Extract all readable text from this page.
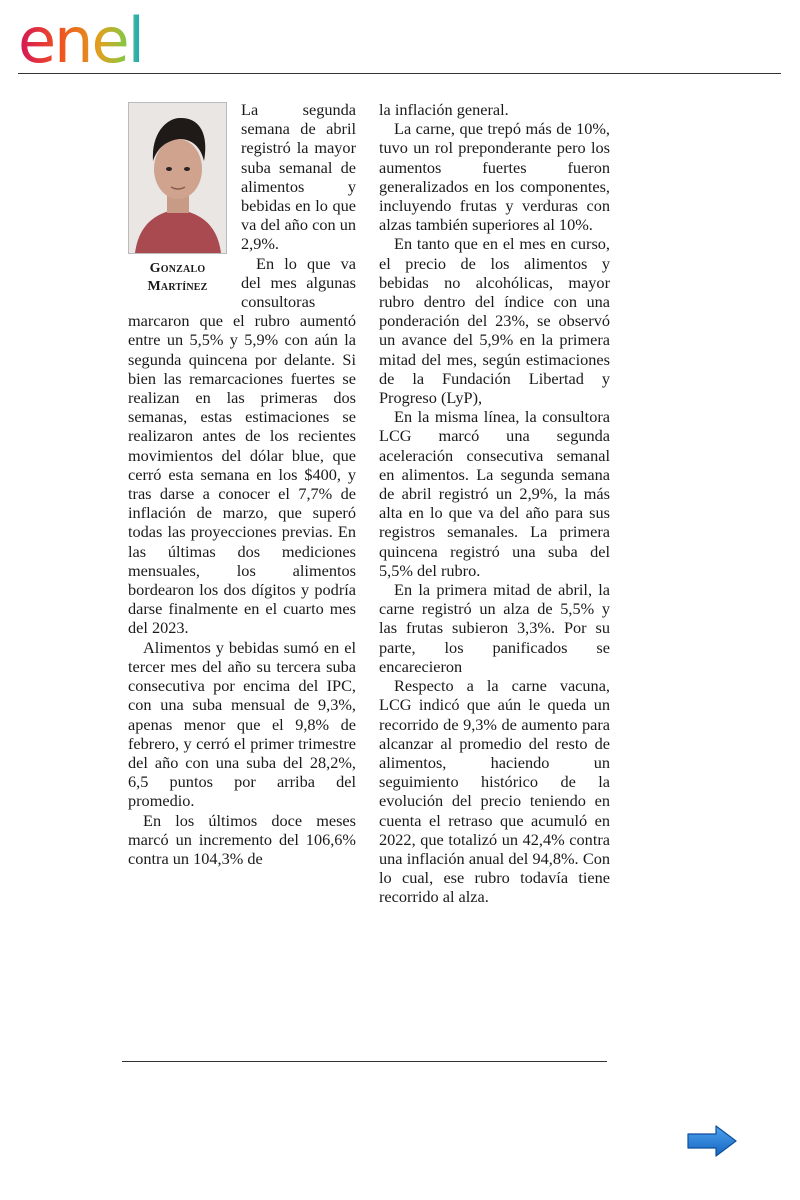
enel
Gonzalo Martínez

La segunda semana de abril registró la mayor suba semanal de alimentos y bebidas en lo que va del año con un 2,9%.

En lo que va del mes algunas consultoras marcaron que el rubro aumentó entre un 5,5% y 5,9% con aún la segunda quincena por delante. Si bien las remarcaciones fuertes se realizan en las primeras dos semanas, estas estimaciones se realizaron antes de los recientes movimientos del dólar blue, que cerró esta semana en los $400, y tras darse a conocer el 7,7% de inflación de marzo, que superó todas las proyecciones previas. En las últimas dos mediciones mensuales, los alimentos bordearon los dos dígitos y podría darse finalmente en el cuarto mes del 2023.

Alimentos y bebidas sumó en el tercer mes del año su tercera suba consecutiva por encima del IPC, con una suba mensual de 9,3%, apenas menor que el 9,8% de febrero, y cerró el primer trimestre del año con una suba del 28,2%, 6,5 puntos por arriba del promedio.

En los últimos doce meses marcó un incremento del 106,6% contra un 104,3% de

la inflación general.

La carne, que trepó más de 10%, tuvo un rol preponderante pero los aumentos fuertes fueron generalizados en los componentes, incluyendo frutas y verduras con alzas también superiores al 10%.

En tanto que en el mes en curso, el precio de los alimentos y bebidas no alcohólicas, mayor rubro dentro del índice con una ponderación del 23%, se observó un avance del 5,9% en la primera mitad del mes, según estimaciones de la Fundación Libertad y Progreso (LyP),

En la misma línea, la consultora LCG marcó una segunda aceleración consecutiva semanal en alimentos. La segunda semana de abril registró un 2,9%, la más alta en lo que va del año para sus registros semanales. La primera quincena registró una suba del 5,5% del rubro.

En la primera mitad de abril, la carne registró un alza de 5,5% y las frutas subieron 3,3%. Por su parte, los panificados se encarecieron

Respecto a la carne vacuna, LCG indicó que aún le queda un recorrido de 9,3% de aumento para alcanzar al promedio del resto de alimentos, haciendo un seguimiento histórico de la evolución del precio teniendo en cuenta el retraso que acumuló en 2022, que totalizó un 42,4% contra una inflación anual del 94,8%. Con lo cual, ese rubro todavía tiene recorrido al alza.
